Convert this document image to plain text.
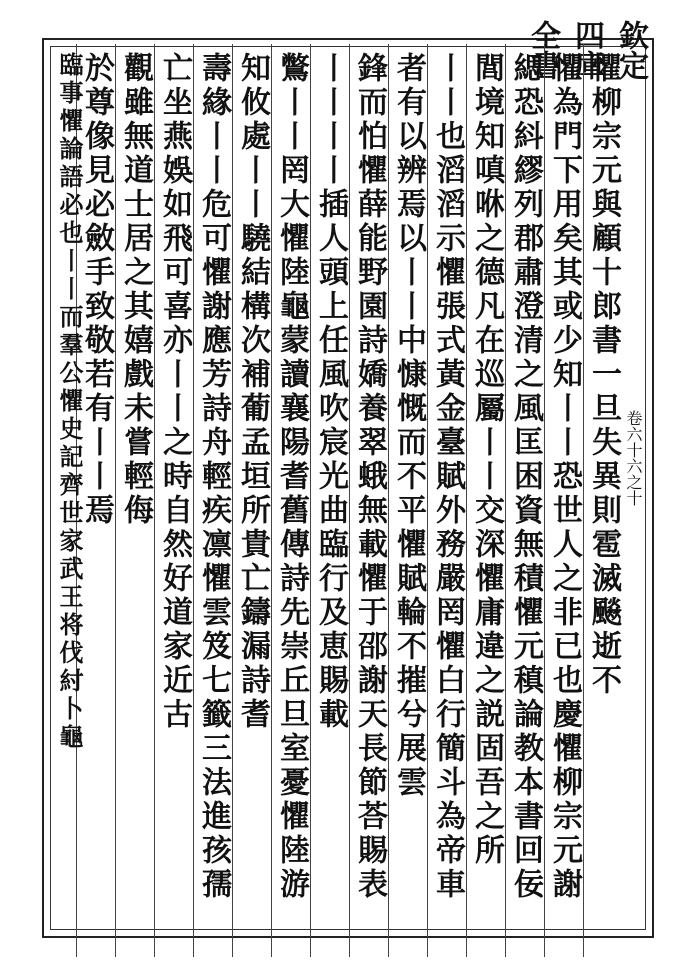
欽定四庫全書
卷六十六之十
懼柳宗元與顧十郎書一旦失異則雹滅飈逝不
懼為門下用矣其或少知丨丨恐世人之非已也慶懼柳宗元謝
緦恐紏繆列郡肅澄清之風匡困資無積懼元稹論教本書回佞
閭境知嗔咻之德凡在巡屬丨丨交深懼庸違之説固吾之所
丨丨也滔滔示懼張式黃金臺賦外務嚴罔懼白行簡斗為帝車
者有以辨焉以丨丨中慷慨而不平懼賦輪不摧兮展雲
鋒而怕懼薛能野園詩嬌養翠蛾無載懼于邵謝天長節荅賜表
丨丨丨丨插人頭上任風吹宸光曲臨行及恵賜載
鷩丨丨罔大懼陸龜蒙讀襄陽耆舊傳詩先崇丘旦室憂懼陸游
知攸處丨丨驍結構次補葡孟垣所貴亡鑄漏詩耆
壽緣丨丨危可懼謝應芳詩舟輕疾凛懼雲笈七籤三法進孩孺
亡坐燕娛如飛可喜亦丨丨之時自然好道家近古
觀雖無道士居之其嬉戲未嘗輕侮
於尊像見必斂手致敬若有丨丨焉
臨事懼論語必也丨丨而羣公懼史記齊世家武王将伐紂卜龜
